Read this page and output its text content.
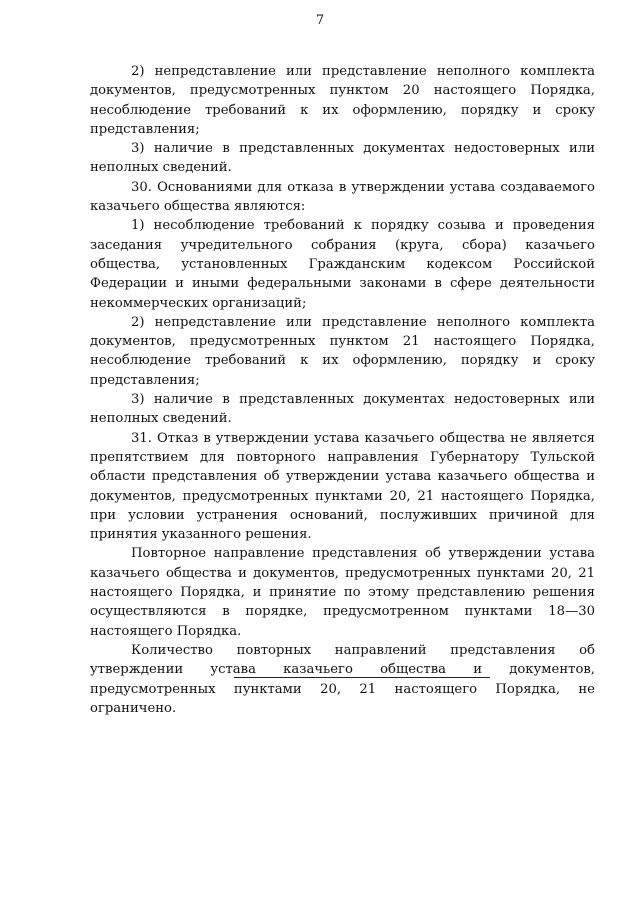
7

2) непредставление или представление неполного комплекта документов, предусмотренных пунктом 20 настоящего Порядка, несоблюдение требований к их оформлению, порядку и сроку представления;

3) наличие в представленных документах недостоверных или неполных сведений.

30. Основаниями для отказа в утверждении устава создаваемого казачьего общества являются:

1) несоблюдение требований к порядку созыва и проведения заседания учредительного собрания (круга, сбора) казачьего общества, установленных Гражданским кодексом Российской Федерации и иными федеральными законами в сфере деятельности некоммерческих организаций;

2) непредставление или представление неполного комплекта документов, предусмотренных пунктом 21 настоящего Порядка, несоблюдение требований к их оформлению, порядку и сроку представления;

3) наличие в представленных документах недостоверных или неполных сведений.

31. Отказ в утверждении устава казачьего общества не является препятствием для повторного направления Губернатору Тульской области представления об утверждении устава казачьего общества и документов, предусмотренных пунктами 20, 21 настоящего Порядка, при условии устранения оснований, послуживших причиной для принятия указанного решения.

Повторное направление представления об утверждении устава казачьего общества и документов, предусмотренных пунктами 20, 21 настоящего Порядка, и принятие по этому представлению решения осуществляются в порядке, предусмотренном пунктами 18—30 настоящего Порядка.

Количество повторных направлений представления об утверждении устава казачьего общества и документов, предусмотренных пунктами 20, 21 настоящего Порядка, не ограничено.
